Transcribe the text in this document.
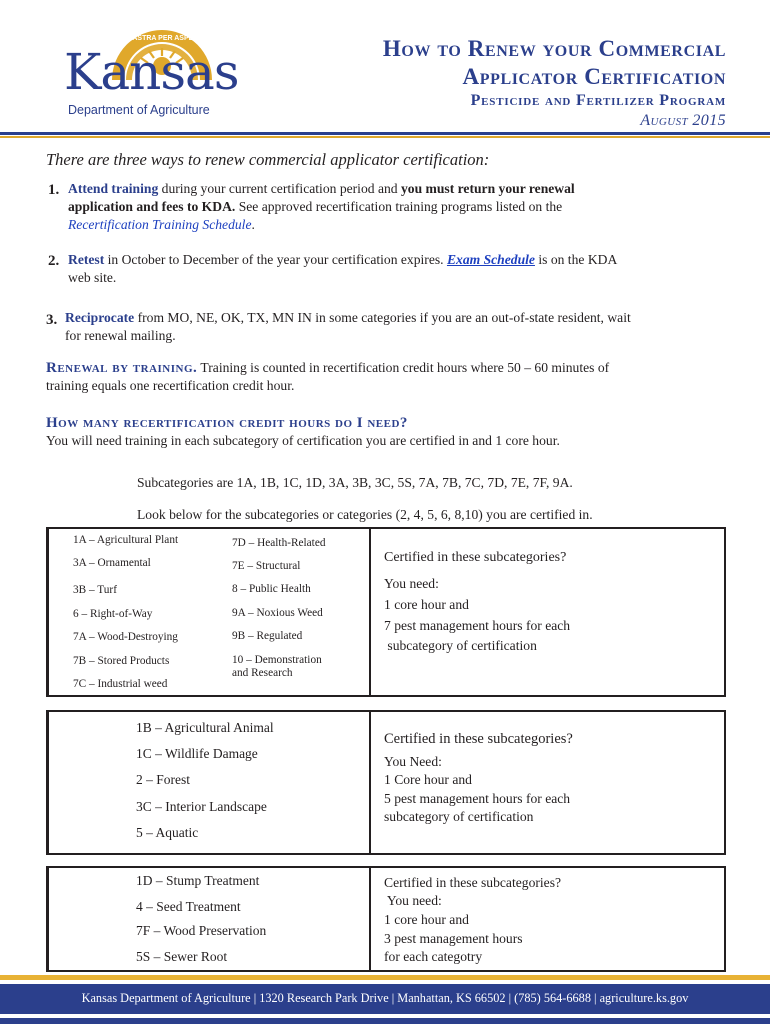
AD ASTRA PER ASPERA
Kansas
Department of Agriculture
How to Renew your Commercial
Applicator Certification
Pesticide and Fertilizer Program
August 2015
There are three ways to renew commercial applicator certification:
1. Attend training during your current certification period and you must return your renewal
application and fees to KDA. See approved recertification training programs listed on the
Recertification Training Schedule.
2. Retest in October to December of the year your certification expires. Exam Schedule is on the KDA
web site.
3. Reciprocate from MO, NE, OK, TX, MN IN in some categories if you are an out-of-state resident, wait
for renewal mailing.
Renewal by training. Training is counted in recertification credit hours where 50 – 60 minutes of
training equals one recertification credit hour.
How many recertification credit hours do I need?
You will need training in each subcategory of certification you are certified in and 1 core hour.
Subcategories are 1A, 1B, 1C, 1D, 3A, 3B, 3C, 5S, 7A, 7B, 7C, 7D, 7E, 7F, 9A.
Look below for the subcategories or categories (2, 4, 5, 6, 8,10) you are certified in.
1A – Agricultural Plant
3A – Ornamental
3B – Turf
6 – Right-of-Way
7A – Wood-Destroying
7B – Stored Products
7C – Industrial weed
7D – Health-Related
7E – Structural
8 – Public Health
9A – Noxious Weed
9B – Regulated
10 – Demonstration
and Research
Certified in these subcategories?
You need:
1 core hour and
7 pest management hours for each
subcategory of certification
1B – Agricultural Animal
1C – Wildlife Damage
2 – Forest
3C – Interior Landscape
5 – Aquatic
Certified in these subcategories?
You Need:
1 Core hour and
5 pest management hours for each
subcategory of certification
1D – Stump Treatment
4 – Seed Treatment
7F – Wood Preservation
5S – Sewer Root
Certified in these subcategories?
You need:
1 core hour and
3 pest management hours
for each categotry
Kansas Department of Agriculture | 1320 Research Park Drive | Manhattan, KS 66502 | (785) 564-6688 | agriculture.ks.gov
